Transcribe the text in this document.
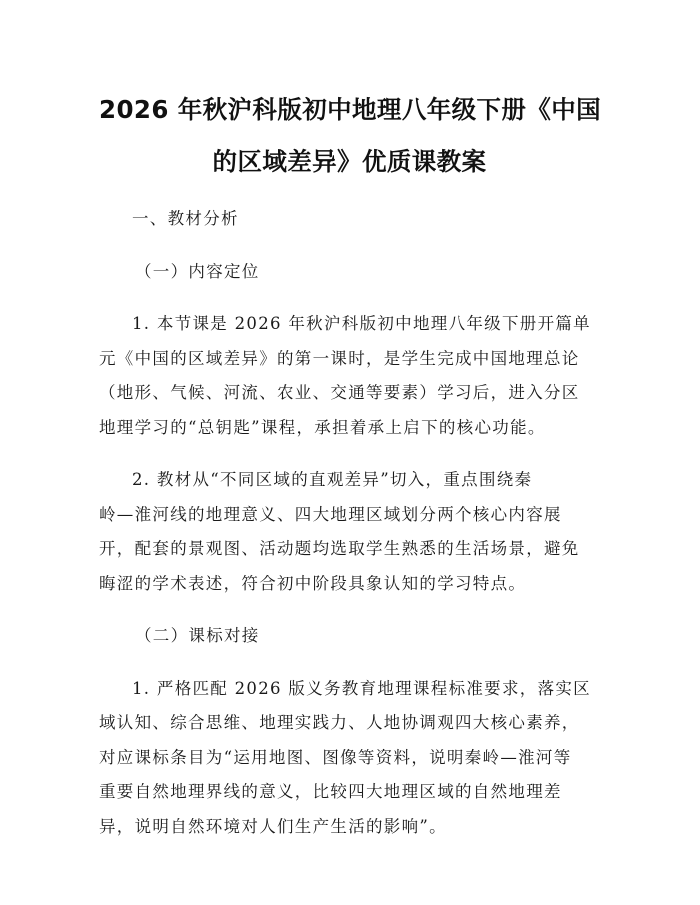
2026 年秋沪科版初中地理八年级下册《中国
的区域差异》优质课教案
一、教材分析
（一）内容定位

1. 本节课是 2026 年秋沪科版初中地理八年级下册开篇单
元《中国的区域差异》的第一课时，是学生完成中国地理总论
（地形、气候、河流、农业、交通等要素）学习后，进入分区
地理学习的“总钥匙”课程，承担着承上启下的核心功能。

2. 教材从“不同区域的直观差异”切入，重点围绕秦
岭—淮河线的地理意义、四大地理区域划分两个核心内容展
开，配套的景观图、活动题均选取学生熟悉的生活场景，避免
晦涩的学术表述，符合初中阶段具象认知的学习特点。

（二）课标对接

1. 严格匹配 2026 版义务教育地理课程标准要求，落实区
域认知、综合思维、地理实践力、人地协调观四大核心素养，
对应课标条目为“运用地图、图像等资料，说明秦岭—淮河等
重要自然地理界线的意义，比较四大地理区域的自然地理差
异，说明自然环境对人们生产生活的影响”。
